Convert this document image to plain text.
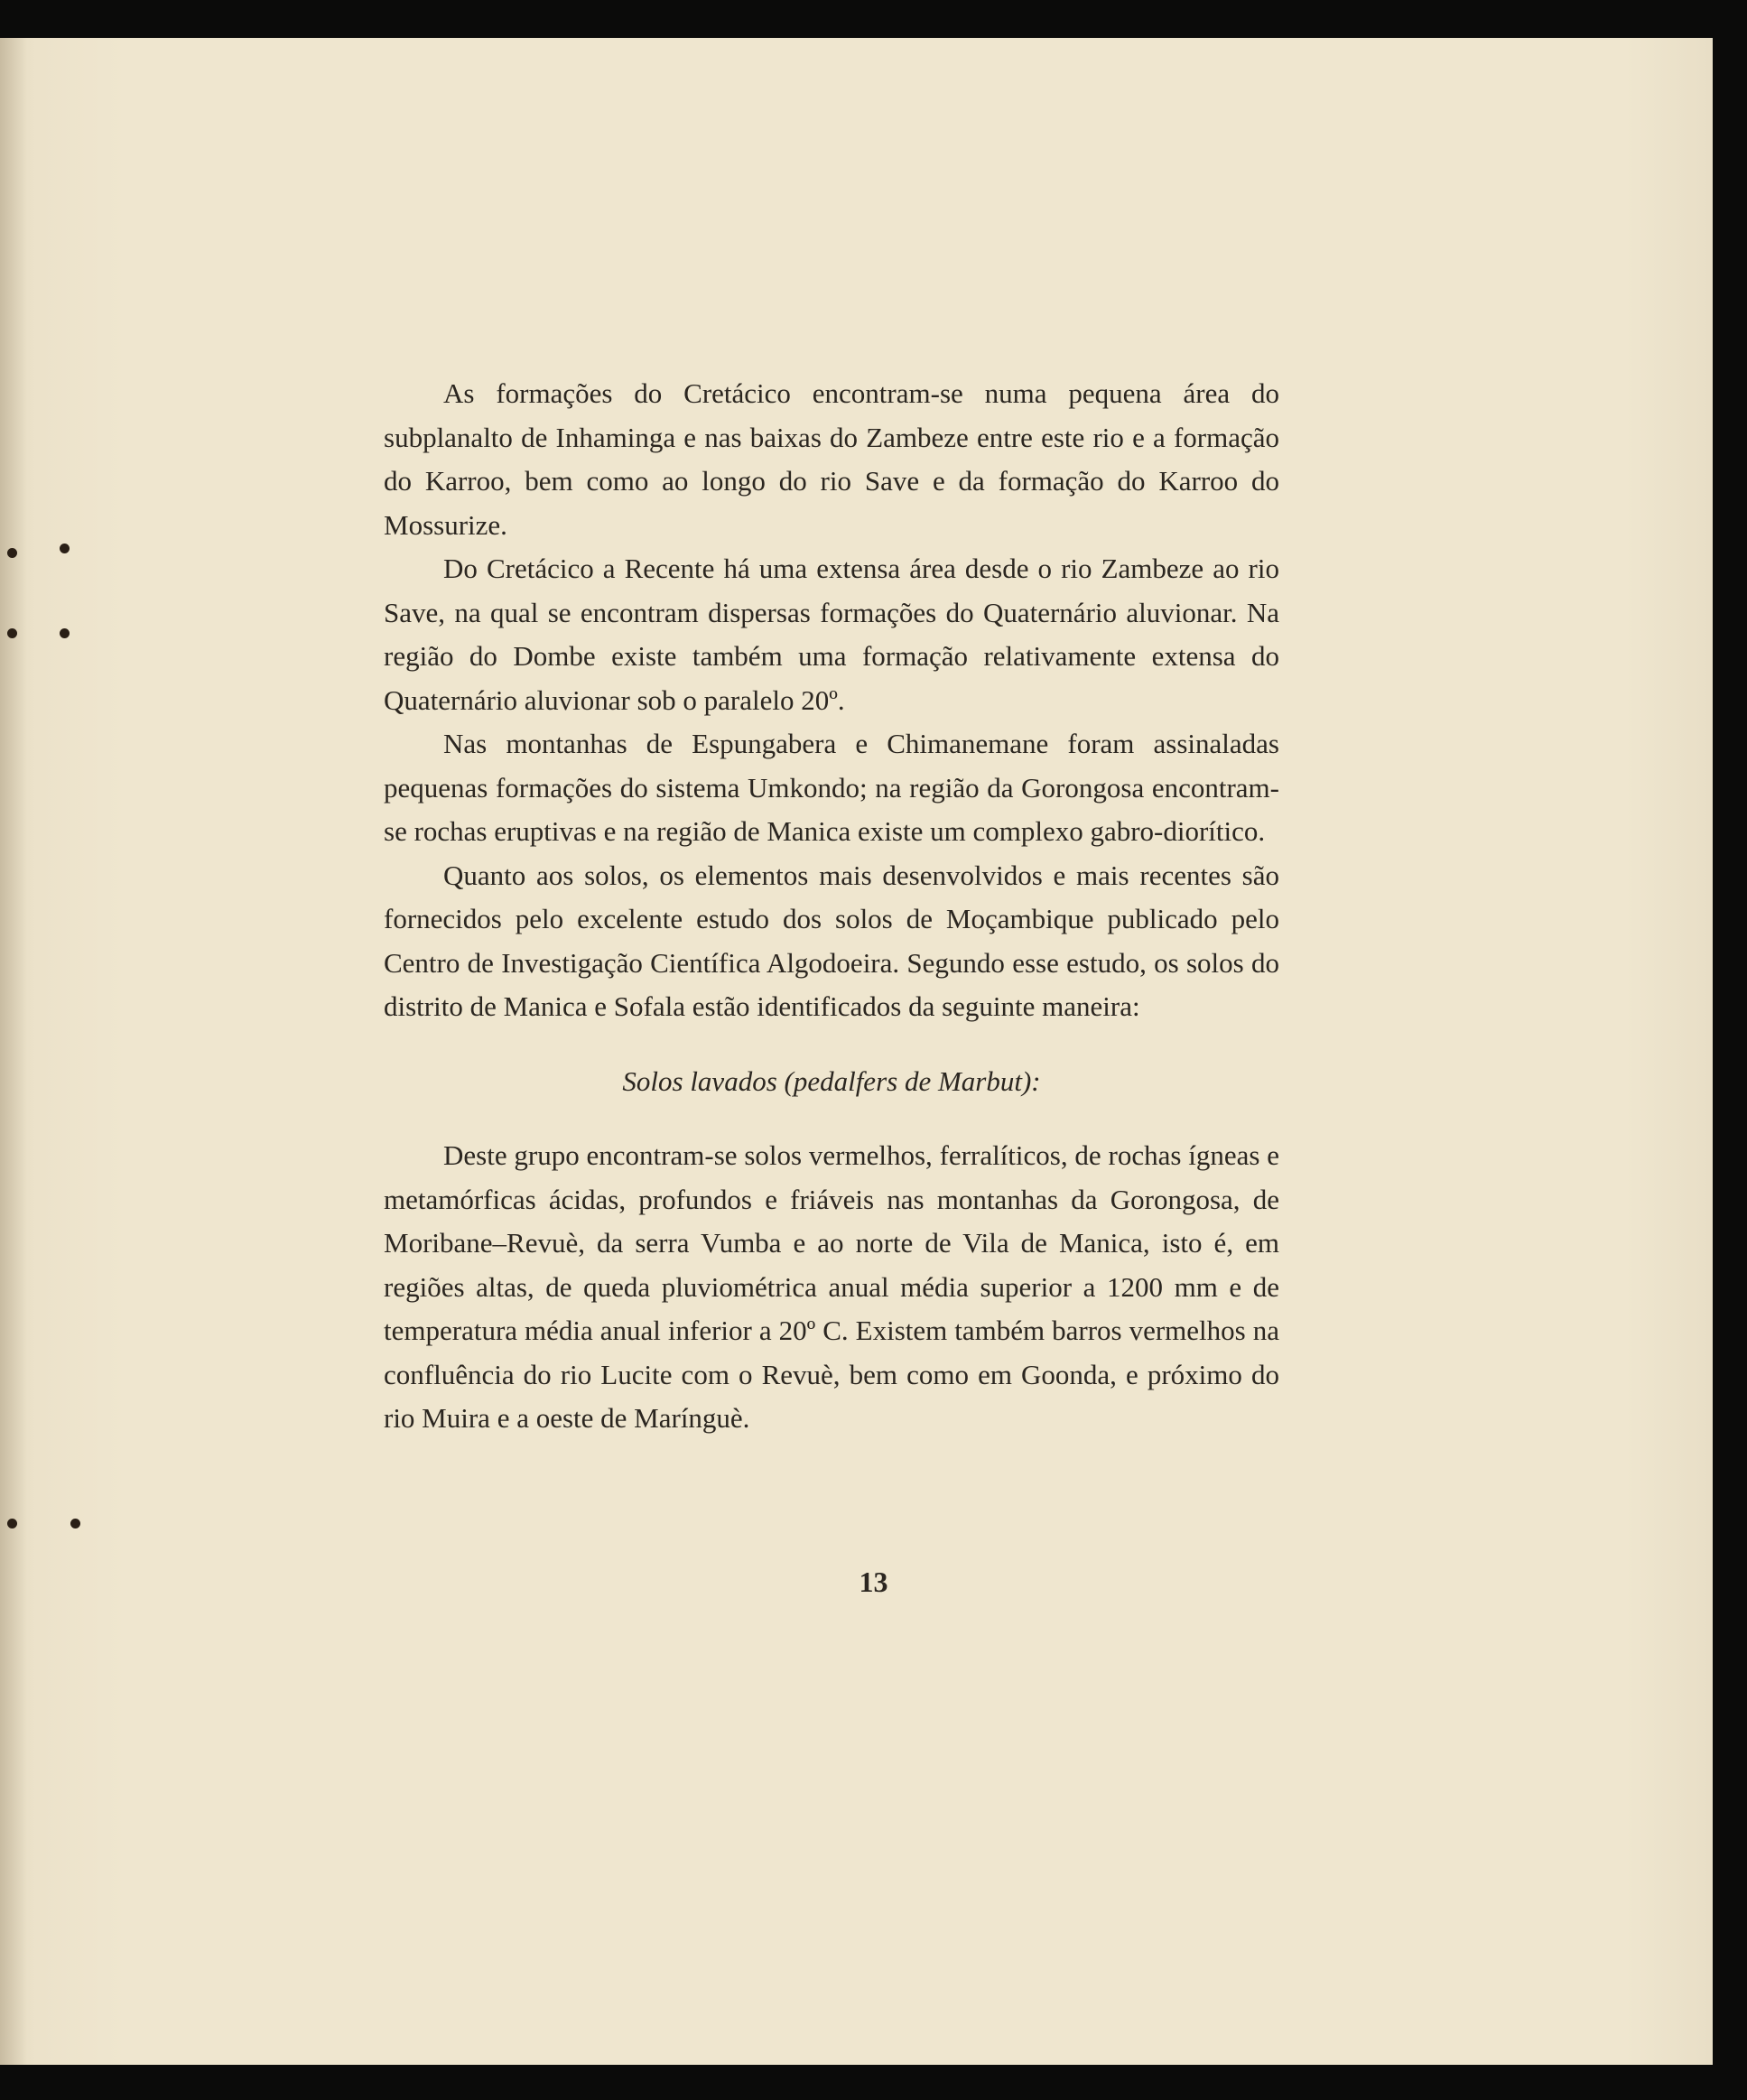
As formações do Cretácico encontram-se numa pequena área do subplanalto de Inhaminga e nas baixas do Zambeze entre este rio e a formação do Karroo, bem como ao longo do rio Save e da formação do Karroo do Mossurize.

Do Cretácico a Recente há uma extensa área desde o rio Zambeze ao rio Save, na qual se encontram dispersas formações do Quaternário aluvionar. Na região do Dombe existe também uma formação relativamente extensa do Quaternário aluvionar sob o paralelo 20º.

Nas montanhas de Espungabera e Chimanemane foram assinaladas pequenas formações do sistema Umkondo; na região da Gorongosa encontram-se rochas eruptivas e na região de Manica existe um complexo gabro-diorítico.

Quanto aos solos, os elementos mais desenvolvidos e mais recentes são fornecidos pelo excelente estudo dos solos de Moçambique publicado pelo Centro de Investigação Científica Algodoeira. Segundo esse estudo, os solos do distrito de Manica e Sofala estão identificados da seguinte maneira:

Solos lavados (pedalfers de Marbut):

Deste grupo encontram-se solos vermelhos, ferralíticos, de rochas ígneas e metamórficas ácidas, profundos e friáveis nas montanhas da Gorongosa, de Moribane–Revuè, da serra Vumba e ao norte de Vila de Manica, isto é, em regiões altas, de queda pluviométrica anual média superior a 1200 mm e de temperatura média anual inferior a 20º C. Existem também barros vermelhos na confluência do rio Lucite com o Revuè, bem como em Goonda, e próximo do rio Muira e a oeste de Marínguè.

13
